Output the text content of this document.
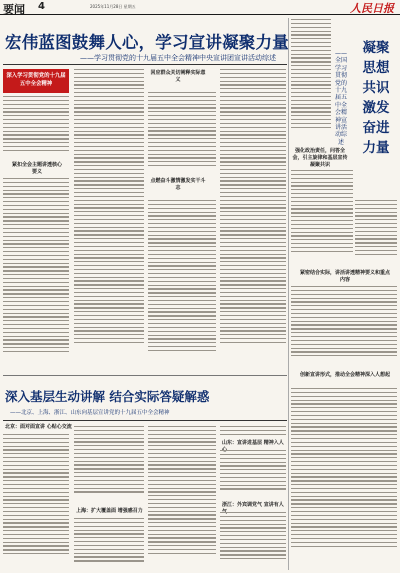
要闻 4	2025年11月28日 星期五	人民日报
宏伟蓝图鼓舞人心，学习宣讲凝聚力量
——学习贯彻党的十九届五中全会精神中央宣讲团宣讲活动综述
深入学习贯彻党的十九届五中全会精神
紧扣全会主题讲透核心要义
回应群众关切阐释实际意义
点燃奋斗激情激发实干斗志
深入基层生动讲解 结合实际答疑解惑
——北京、上海、浙江、山东向基层宣讲党的十九届五中全会精神
北京：面对面宣讲 心贴心交流
上海：扩大覆盖面 增强感召力
山东：宣讲进基层 精神入人
浙江：外宾调党气 宣讲有人
凝聚思想共识 激发奋进力量
——全国学习贯彻党的十九届五中全会精神宣讲活动综述
强化政治责任，问答全会，引主旋律和基层宣传凝聚共识
紧密结合实际，讲活讲透精神要义和重点内容
创新宣讲形式，推动全会精神深入人想起
